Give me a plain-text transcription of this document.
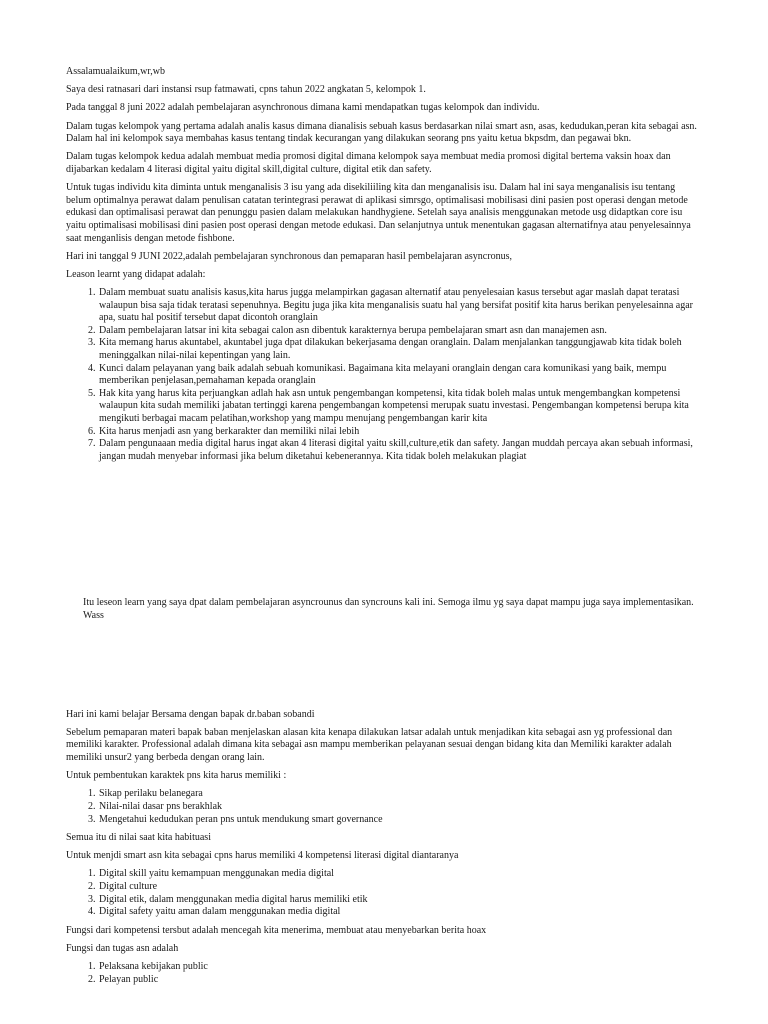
Assalamualaikum,wr,wb

Saya desi ratnasari dari instansi rsup fatmawati, cpns tahun 2022 angkatan 5, kelompok 1.

Pada tanggal 8 juni 2022 adalah pembelajaran asynchronous dimana kami mendapatkan tugas kelompok dan individu.

Dalam tugas kelompok yang pertama adalah analis kasus dimana dianalisis sebuah kasus berdasarkan nilai smart asn, asas, kedudukan,peran kita sebagai asn. Dalam hal ini kelompok saya membahas kasus tentang tindak kecurangan yang dilakukan seorang pns yaitu ketua bkpsdm, dan pegawai bkn.

Dalam tugas kelompok kedua adalah membuat media promosi digital dimana kelompok saya membuat media promosi digital bertema vaksin hoax dan dijabarkan kedalam 4 literasi digital yaitu digital skill,digital culture, digital etik dan safety.

Untuk tugas individu kita diminta untuk menganalisis 3 isu yang ada disekiliiling kita dan menganalisis isu. Dalam hal ini saya menganalisis isu tentang belum optimalnya perawat dalam penulisan catatan terintegrasi perawat di aplikasi simrsgo, optimalisasi mobilisasi dini pasien post operasi dengan metode edukasi dan optimalisasi perawat dan penunggu pasien dalam melakukan handhygiene. Setelah saya analisis menggunakan metode usg didaptkan core isu yaitu optimalisasi mobilisasi dini pasien post operasi dengan metode edukasi. Dan selanjutnya untuk menentukan gagasan alternatifnya atau penyelesainnya saat menganlisis dengan metode fishbone.

Hari ini tanggal 9 JUNI 2022,adalah pembelajaran synchronous dan pemaparan hasil pembelajaran asyncronus,

Leason learnt yang didapat adalah:

1. Dalam membuat suatu analisis kasus,kita harus jugga melampirkan gagasan alternatif atau penyelesaian kasus tersebut agar maslah dapat teratasi walaupun bisa saja tidak teratasi sepenuhnya. Begitu juga jika kita menganalisis suatu hal yang bersifat positif kita harus berikan penyelesainna agar apa, suatu hal positif tersebut dapat dicontoh oranglain
2. Dalam pembelajaran latsar ini kita sebagai calon asn dibentuk karakternya berupa pembelajaran smart asn dan manajemen asn.
3. Kita memang harus akuntabel, akuntabel juga dpat dilakukan bekerjasama dengan oranglain. Dalam menjalankan tanggungjawab kita tidak boleh meninggalkan nilai-nilai kepentingan yang lain.
4. Kunci dalam pelayanan yang baik adalah sebuah komunikasi. Bagaimana kita melayani oranglain dengan cara komunikasi yang baik, mempu memberikan penjelasan,pemahaman kepada oranglain
5. Hak kita yang harus kita perjuangkan adlah hak asn untuk pengembangan kompetensi, kita tidak boleh malas untuk mengembangkan kompetensi walaupun kita sudah memiliki jabatan tertinggi karena pengembangan kompetensi merupak suatu investasi. Pengembangan kompetensi berupa kita mengikuti berbagai macam pelatihan,workshop yang mampu menujang pengembangan karir kita
6. Kita harus menjadi asn yang berkarakter dan memiliki nilai lebih
7. Dalam pengunaaan media digital harus ingat akan 4 literasi digital yaitu skill,culture,etik dan safety. Jangan muddah percaya akan sebuah informasi, jangan mudah menyebar informasi jika belum diketahui kebenerannya. Kita tidak boleh melakukan plagiat
Itu leseon learn yang saya dpat dalam pembelajaran asyncrounus dan syncrouns kali ini. Semoga ilmu yg saya dapat mampu juga saya implementasikan.
Wass

Hari ini kami belajar Bersama dengan bapak dr.baban sobandi

Sebelum pemaparan materi bapak baban menjelaskan alasan kita kenapa dilakukan latsar adalah untuk menjadikan kita sebagai asn yg professional dan memiliki karakter. Professional adalah dimana kita sebagai asn mampu memberikan pelayanan sesuai dengan bidang kita dan Memiliki karakter adalah memiliki unsur2 yang berbeda dengan orang lain.

Untuk pembentukan karaktek pns kita harus memiliki :

1. Sikap perilaku belanegara
2. Nilai-nilai dasar pns berakhlak
3. Mengetahui kedudukan peran pns untuk mendukung smart governance

Semua itu di nilai saat kita habituasi

Untuk menjdi smart asn kita sebagai cpns harus memiliki 4 kompetensi literasi digital diantaranya

1. Digital skill yaitu kemampuan menggunakan media digital
2. Digital culture
3. Digital etik, dalam menggunakan media digital harus memiliki etik
4. Digital safety yaitu aman dalam menggunakan media digital

Fungsi dari kompetensi tersbut adalah mencegah kita menerima, membuat atau menyebarkan berita hoax

Fungsi dan tugas asn adalah

1. Pelaksana kebijakan public
2. Pelayan public
